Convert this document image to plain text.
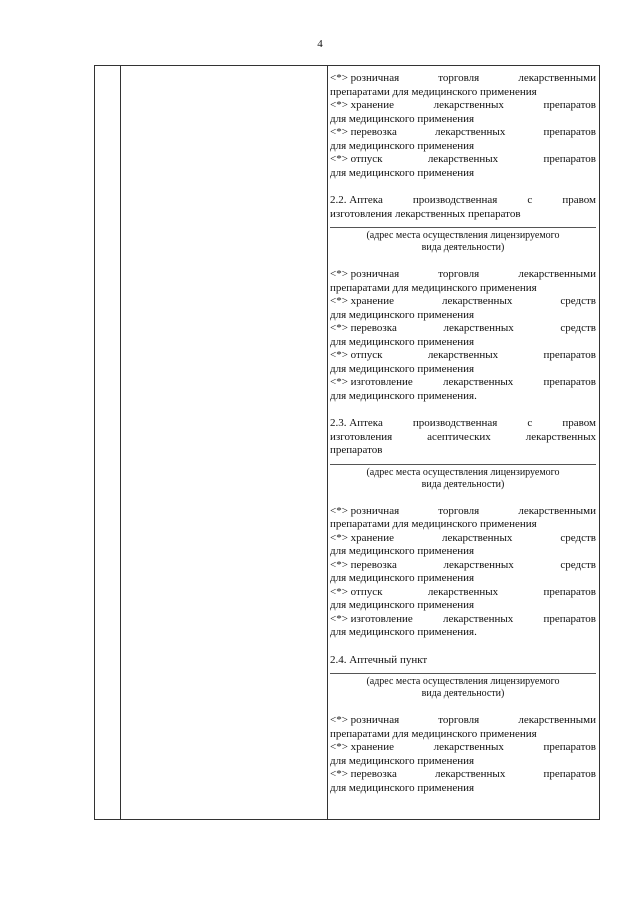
4
<*> розничная	торговля	лекарственными
препаратами для медицинского применения
<*> хранение	лекарственных	препаратов
для медицинского применения
<*> перевозка	лекарственных	препаратов
для медицинского применения
<*> отпуск	лекарственных	препаратов
для медицинского применения
2.2. Аптека	производственная	с	правом
изготовления лекарственных препаратов
(адрес места осуществления лицензируемого
вида деятельности)
<*> розничная	торговля	лекарственными
препаратами для медицинского применения
<*> хранение	лекарственных	средств
для медицинского применения
<*> перевозка	лекарственных	средств
для медицинского применения
<*> отпуск	лекарственных	препаратов
для медицинского применения
<*> изготовление	лекарственных	препаратов
для медицинского применения.
2.3. Аптека	производственная	с	правом
изготовления	асептических	лекарственных
препаратов
(адрес места осуществления лицензируемого
вида деятельности)
<*> розничная	торговля	лекарственными
препаратами для медицинского применения
<*> хранение	лекарственных	средств
для медицинского применения
<*> перевозка	лекарственных	средств
для медицинского применения
<*> отпуск	лекарственных	препаратов
для медицинского применения
<*> изготовление	лекарственных	препаратов
для медицинского применения.
2.4. Аптечный пункт
(адрес места осуществления лицензируемого
вида деятельности)
<*> розничная	торговля	лекарственными
препаратами для медицинского применения
<*> хранение	лекарственных	препаратов
для медицинского применения
<*> перевозка	лекарственных	препаратов
для медицинского применения
